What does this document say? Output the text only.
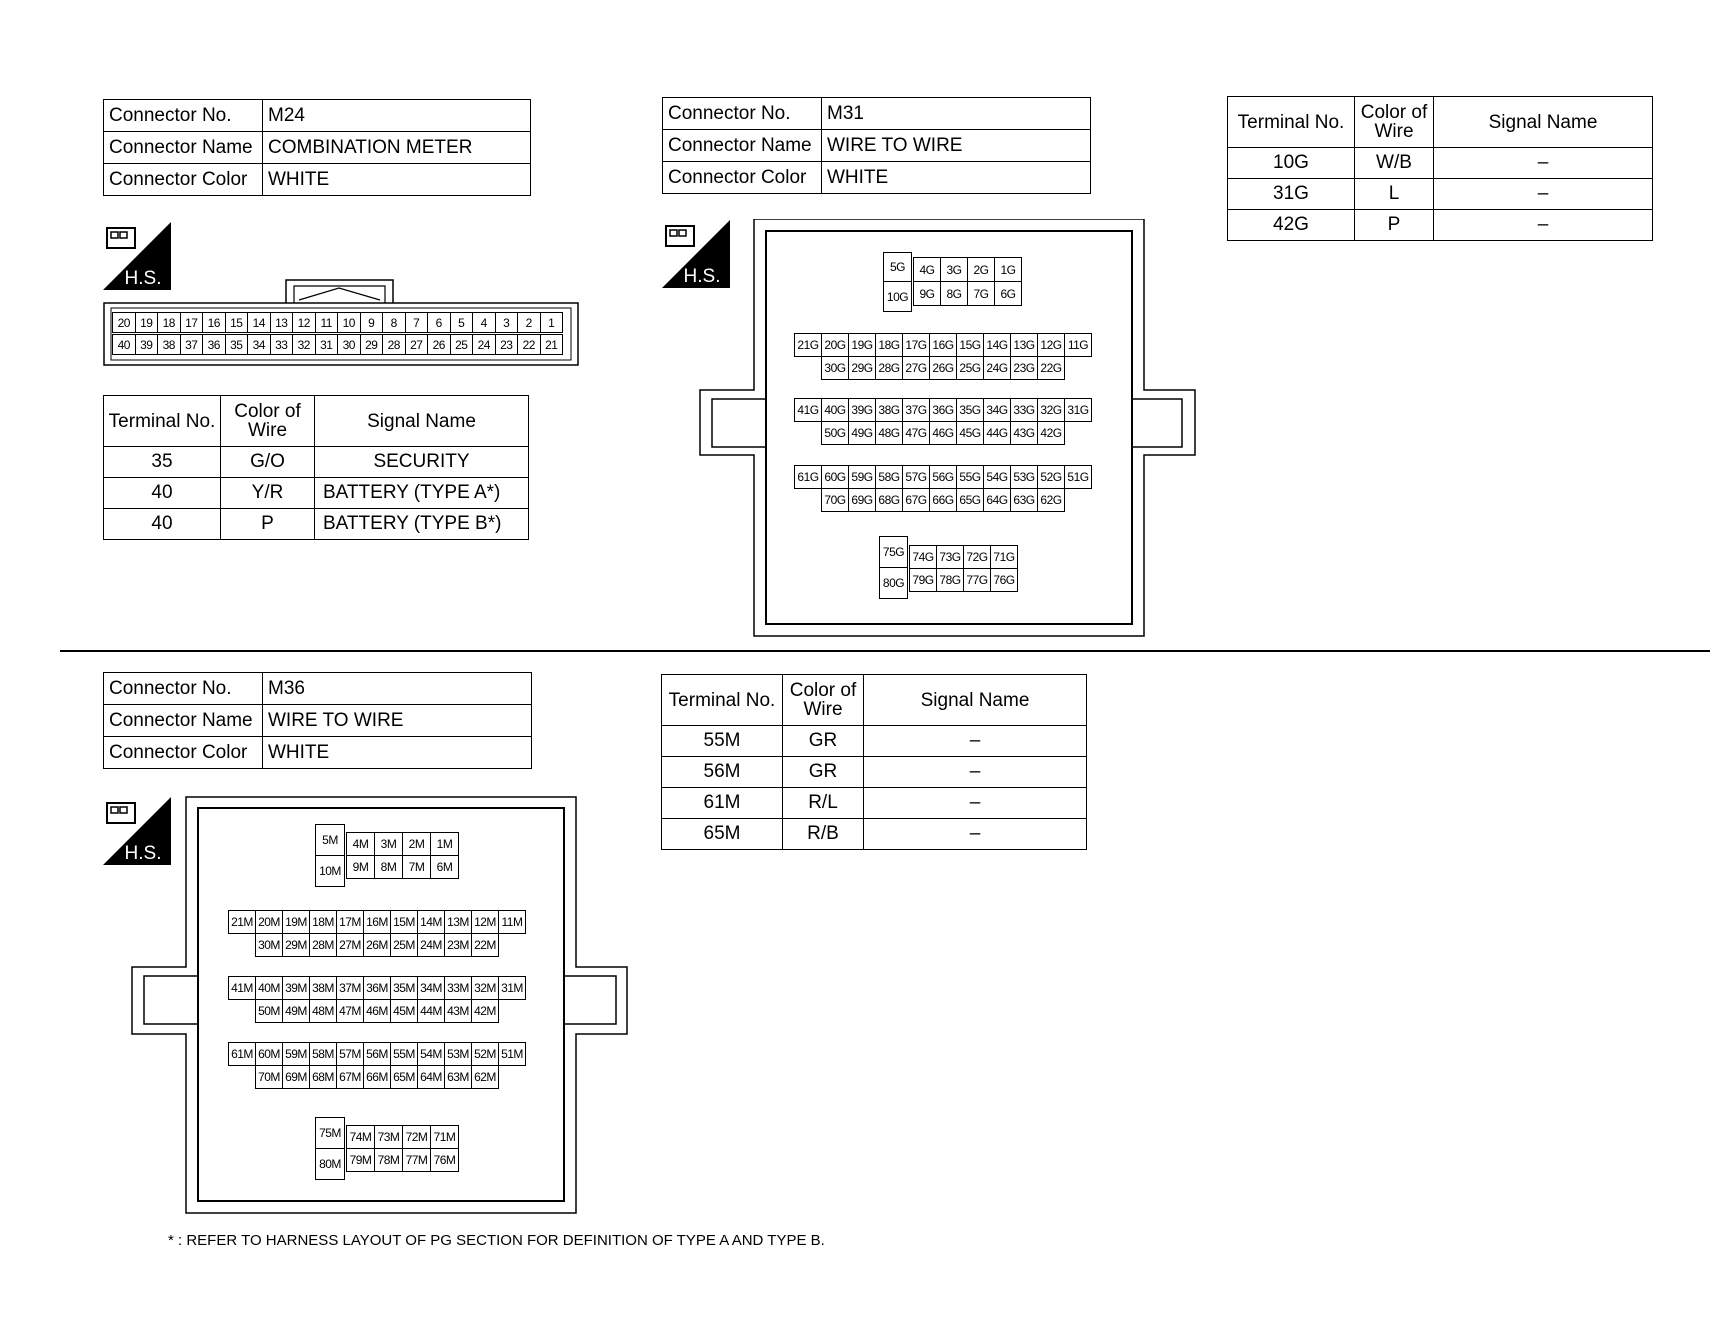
Connector No.	M24
Connector Name	COMBINATION METER
Connector Color	WHITE
H.S.
20 19 18 17 16 15 14 13 12 11 10	9	8	7	6	5	4	3	2	1
40 39 38 37 36 35 34 33 32 31 30 29 28 27 26 25 24 23 22 21
Terminal No.	Color of Wire	Signal Name
35	G/O	SECURITY
40	Y/R	BATTERY (TYPE A*)
40	P	BATTERY (TYPE B*)
Connector No.	M31
Connector Name	WIRE TO WIRE
Connector Color	WHITE
H.S.	5G
10G
4G 3G 2G 1G
9G 8G 7G 6G
21G 20G 19G 18G 17G 16G 15G 14G 13G 12G 11G
30G 29G 28G 27G 26G 25G 24G 23G 22G
41G 40G 39G 38G 37G 36G 35G 34G 33G 32G 31G
50G 49G 48G 47G 46G 45G 44G 43G 42G
61G 60G 59G 58G 57G 56G 55G 54G 53G 52G 51G
70G 69G 68G 67G 66G 65G 64G 63G 62G
75G
80G
74G 73G 72G 71G
79G 78G 77G 76G
Terminal No.	Color of Wire	Signal Name
10G	W/B	–
31G	L	–
42G	P	–
Connector No.	M36
Connector Name	WIRE TO WIRE
Connector Color	WHITE
H.S.
5M
10M
4M	3M	2M	1M
9M	8M	7M	6M
21M 20M 19M 18M 17M 16M 15M 14M 13M 12M 11M
30M 29M 28M 27M 26M 25M 24M 23M 22M
41M 40M 39M 38M 37M 36M 35M 34M 33M 32M 31M
50M 49M 48M 47M 46M 45M 44M 43M 42M
61M 60M 59M 58M 57M 56M 55M 54M 53M 52M 51M
70M 69M 68M 67M 66M 65M 64M 63M 62M
75M
80M
74M 73M 72M 71M
79M 78M 77M 76M
Terminal No.	Color of Wire	Signal Name
55M	GR	–
56M	GR	–
61M	R/L	–
65M	R/B	–
* : REFER TO HARNESS LAYOUT OF PG SECTION FOR DEFINITION OF TYPE A AND TYPE B.
